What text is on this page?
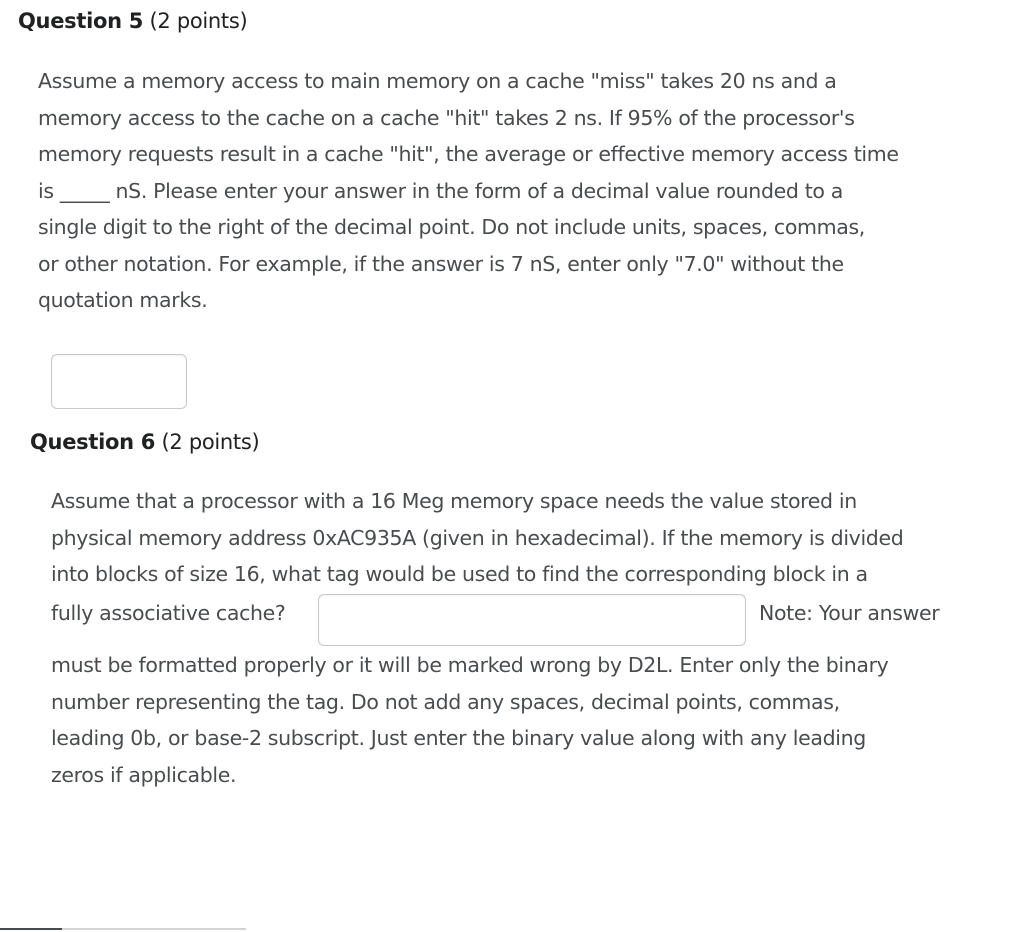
Question 5 (2 points)
Assume a memory access to main memory on a cache "miss" takes 20 ns and a
memory access to the cache on a cache "hit" takes 2 ns. If 95% of the processor's
memory requests result in a cache "hit", the average or effective memory access time
is _____ nS. Please enter your answer in the form of a decimal value rounded to a
single digit to the right of the decimal point. Do not include units, spaces, commas,
or other notation. For example, if the answer is 7 nS, enter only "7.0" without the
quotation marks.
Question 6 (2 points)
Assume that a processor with a 16 Meg memory space needs the value stored in
physical memory address 0xAC935A (given in hexadecimal). If the memory is divided
into blocks of size 16, what tag would be used to find the corresponding block in a
fully associative cache?	Note: Your answer
must be formatted properly or it will be marked wrong by D2L. Enter only the binary
number representing the tag. Do not add any spaces, decimal points, commas,
leading 0b, or base-2 subscript. Just enter the binary value along with any leading
zeros if applicable.
